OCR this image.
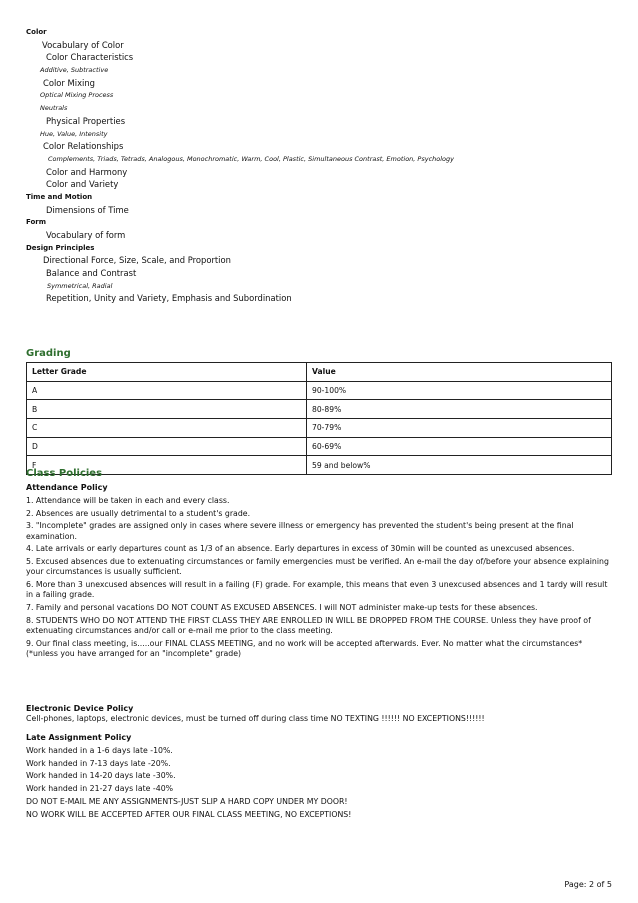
Color
Vocabulary of Color
Color Characteristics
Additive, Subtractive
Color Mixing
Optical Mixing Process
Neutrals
Physical Properties
Hue, Value, Intensity
Color Relationships
Complements, Triads, Tetrads, Analogous, Monochromatic, Warm, Cool, Plastic, Simultaneous Contrast, Emotion, Psychology
Color and Harmony
Color and Variety
Time and Motion
Dimensions of Time
Form
Vocabulary of form
Design Principles
Directional Force, Size, Scale, and Proportion
Balance and Contrast
Symmetrical, Radial
Repetition, Unity and Variety, Emphasis and Subordination
Grading
Letter Grade	Value
A	90-100%
B	80-89%
C	70-79%
D	60-69%
F	59 and below%
Class Policies
Attendance Policy

1. Attendance will be taken in each and every class.

2. Absences are usually detrimental to a student's grade.

3. "Incomplete" grades are assigned only in cases where severe illness or emergency has prevented the student's being present at the final examination.

4. Late arrivals or early departures count as 1/3 of an absence. Early departures in excess of 30min will be counted as unexcused absences.

5. Excused absences due to extenuating circumstances or family emergencies must be verified. An e-mail the day of/before your absence explaining your circumstances is usually sufficient.

6. More than 3 unexcused absences will result in a failing (F) grade. For example, this means that even 3 unexcused absences and 1 tardy will result in a failing grade.

7. Family and personal vacations DO NOT COUNT AS EXCUSED ABSENCES. I will NOT administer make-up tests for these absences.

8. STUDENTS WHO DO NOT ATTEND THE FIRST CLASS THEY ARE ENROLLED IN WILL BE DROPPED FROM THE COURSE. Unless they have proof of extenuating circumstances and/or call or e-mail me prior to the class meeting.

9. Our final class meeting, is.....our FINAL CLASS MEETING, and no work will be accepted afterwards. Ever. No matter what the circumstances* (*unless you have arranged for an "incomplete" grade)

Electronic Device Policy

Cell-phones, laptops, electronic devices, must be turned off during class time NO TEXTING !!!!!! NO EXCEPTIONS!!!!!!

Late Assignment Policy

Work handed in a 1-6 days late -10%.

Work handed in 7-13 days late -20%.

Work handed in 14-20 days late -30%.

Work handed in 21-27 days late -40%

DO NOT E-MAIL ME ANY ASSIGNMENTS-JUST SLIP A HARD COPY UNDER MY DOOR!

NO WORK WILL BE ACCEPTED AFTER OUR FINAL CLASS MEETING, NO EXCEPTIONS!

Page: 2 of 5
